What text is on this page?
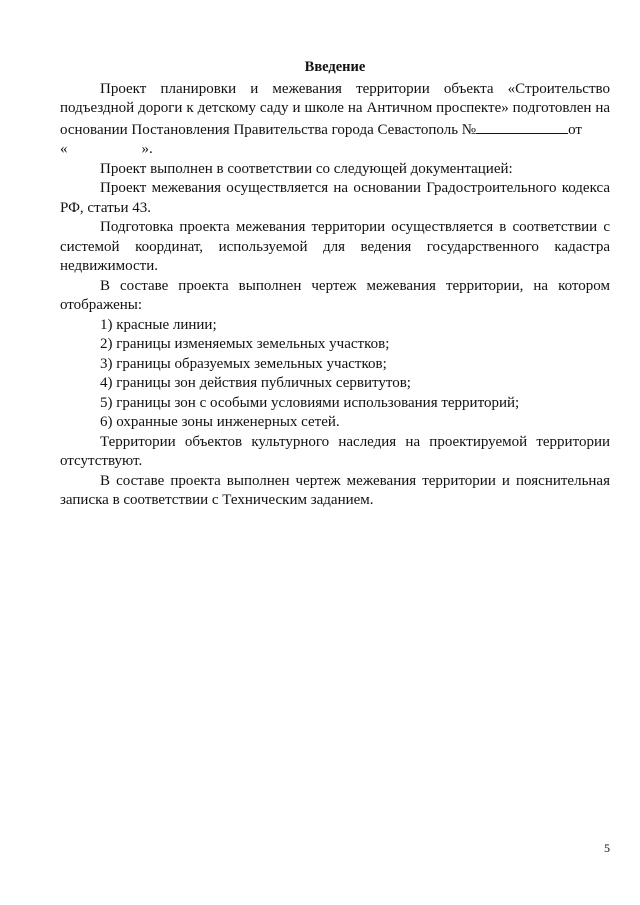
Введение

Проект планировки и межевания территории объекта «Строительство подъездной дороги к детскому саду и школе на Античном проспекте» подготовлен на основании Постановления Правительства города Севастополь №	от

«	».

Проект выполнен в соответствии со следующей документацией:

Проект межевания осуществляется на основании Градостроительного кодекса РФ, статьи 43.

Подготовка проекта межевания территории осуществляется в соответствии с системой координат, используемой для ведения государственного кадастра недвижимости.

В составе проекта выполнен чертеж межевания территории, на котором отображены:

1) красные линии;

2) границы изменяемых земельных участков;

3) границы образуемых земельных участков;

4) границы зон действия публичных сервитутов;

5) границы зон с особыми условиями использования территорий;

6) охранные зоны инженерных сетей.

Территории объектов культурного наследия на проектируемой территории отсутствуют.

В составе проекта выполнен чертеж межевания территории и пояснительная записка в соответствии с Техническим заданием.

5
